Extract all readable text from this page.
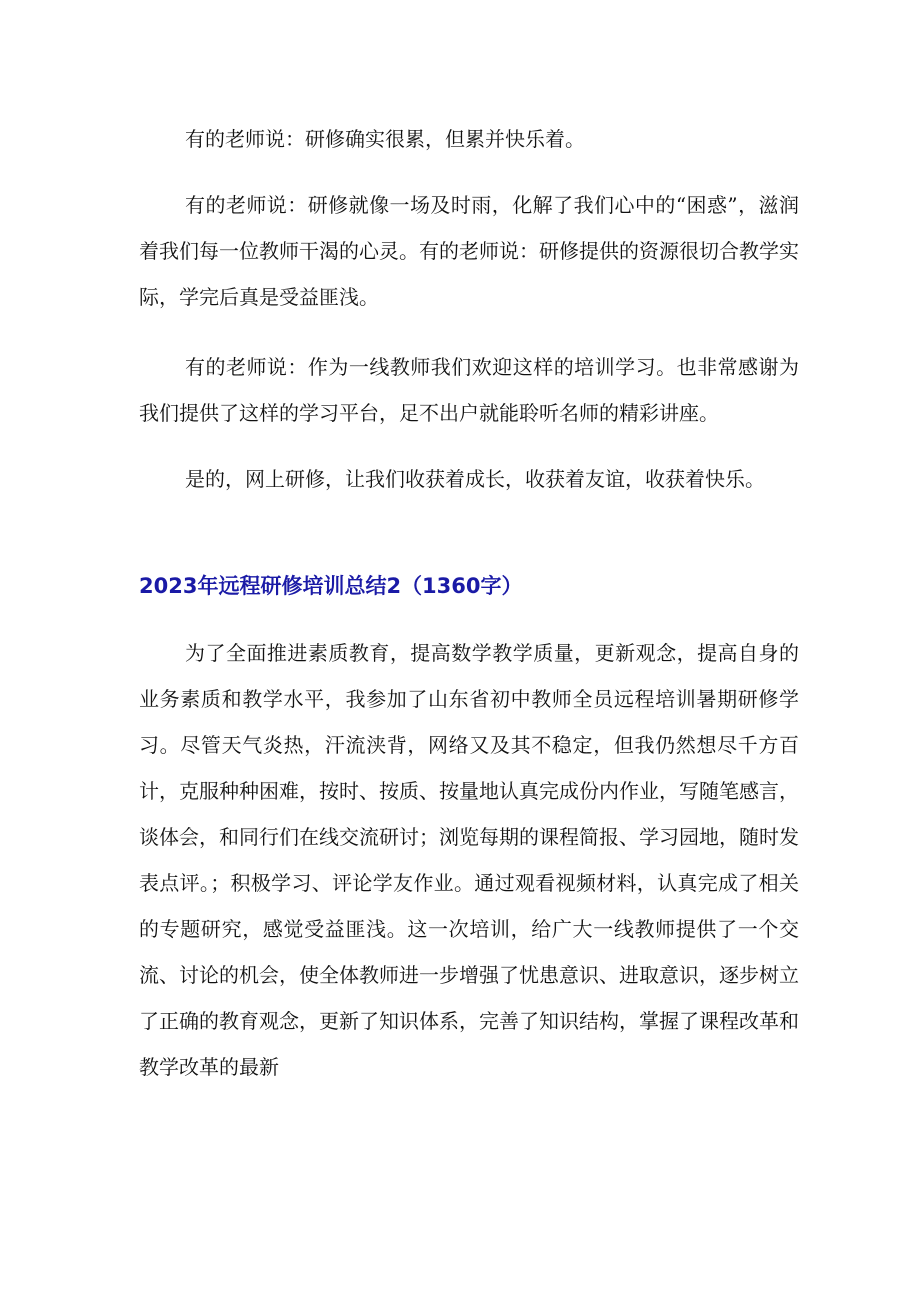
有的老师说：研修确实很累，但累并快乐着。

有的老师说：研修就像一场及时雨，化解了我们心中的“困惑”，滋润着我们每一位教师干渴的心灵。有的老师说：研修提供的资源很切合教学实际，学完后真是受益匪浅。

有的老师说：作为一线教师我们欢迎这样的培训学习。也非常感谢为我们提供了这样的学习平台，足不出户就能聆听名师的精彩讲座。

是的，网上研修，让我们收获着成长，收获着友谊，收获着快乐。

2023年远程研修培训总结2（1360字）

为了全面推进素质教育，提高数学教学质量，更新观念，提高自身的业务素质和教学水平，我参加了山东省初中教师全员远程培训暑期研修学习。尽管天气炎热，汗流浃背，网络又及其不稳定，但我仍然想尽千方百计，克服种种困难，按时、按质、按量地认真完成份内作业，写随笔感言，谈体会，和同行们在线交流研讨；浏览每期的课程简报、学习园地，随时发表点评。；积极学习、评论学友作业。通过观看视频材料，认真完成了相关的专题研究，感觉受益匪浅。这一次培训，给广大一线教师提供了一个交流、讨论的机会，使全体教师进一步增强了忧患意识、进取意识，逐步树立了正确的教育观念，更新了知识体系，完善了知识结构，掌握了课程改革和教学改革的最新
